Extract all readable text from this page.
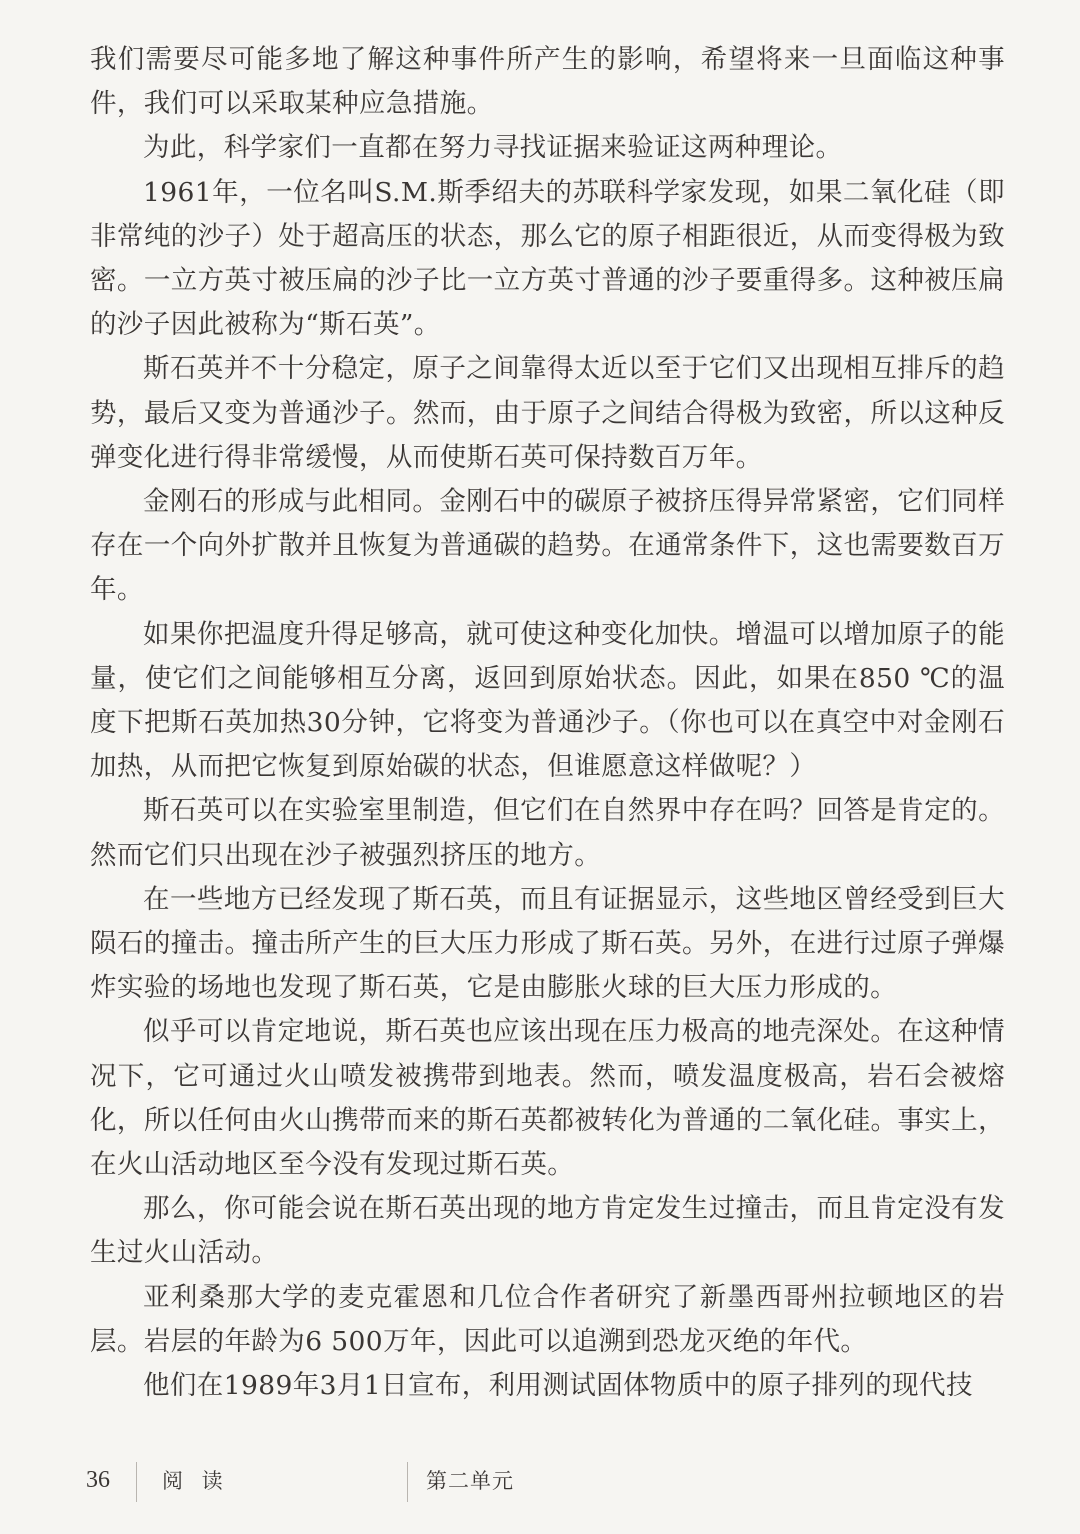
我们需要尽可能多地了解这种事件所产生的影响，希望将来一旦面临这种事件，我们可以采取某种应急措施。

为此，科学家们一直都在努力寻找证据来验证这两种理论。

1961年，一位名叫S.M.斯季绍夫的苏联科学家发现，如果二氧化硅（即非常纯的沙子）处于超高压的状态，那么它的原子相距很近，从而变得极为致密。一立方英寸被压扁的沙子比一立方英寸普通的沙子要重得多。这种被压扁的沙子因此被称为“斯石英”。

斯石英并不十分稳定，原子之间靠得太近以至于它们又出现相互排斥的趋势，最后又变为普通沙子。然而，由于原子之间结合得极为致密，所以这种反弹变化进行得非常缓慢，从而使斯石英可保持数百万年。

金刚石的形成与此相同。金刚石中的碳原子被挤压得异常紧密，它们同样存在一个向外扩散并且恢复为普通碳的趋势。在通常条件下，这也需要数百万年。

如果你把温度升得足够高，就可使这种变化加快。增温可以增加原子的能量，使它们之间能够相互分离，返回到原始状态。因此，如果在850 ℃的温度下把斯石英加热30分钟，它将变为普通沙子。（你也可以在真空中对金刚石加热，从而把它恢复到原始碳的状态，但谁愿意这样做呢？）

斯石英可以在实验室里制造，但它们在自然界中存在吗？回答是肯定的。然而它们只出现在沙子被强烈挤压的地方。

在一些地方已经发现了斯石英，而且有证据显示，这些地区曾经受到巨大陨石的撞击。撞击所产生的巨大压力形成了斯石英。另外，在进行过原子弹爆炸实验的场地也发现了斯石英，它是由膨胀火球的巨大压力形成的。

似乎可以肯定地说，斯石英也应该出现在压力极高的地壳深处。在这种情况下，它可通过火山喷发被携带到地表。然而，喷发温度极高，岩石会被熔化，所以任何由火山携带而来的斯石英都被转化为普通的二氧化硅。事实上，在火山活动地区至今没有发现过斯石英。

那么，你可能会说在斯石英出现的地方肯定发生过撞击，而且肯定没有发生过火山活动。

亚利桑那大学的麦克霍恩和几位合作者研究了新墨西哥州拉顿地区的岩层。岩层的年龄为6 500万年，因此可以追溯到恐龙灭绝的年代。

他们在1989年3月1日宣布，利用测试固体物质中的原子排列的现代技

36 阅 读	第二单元
